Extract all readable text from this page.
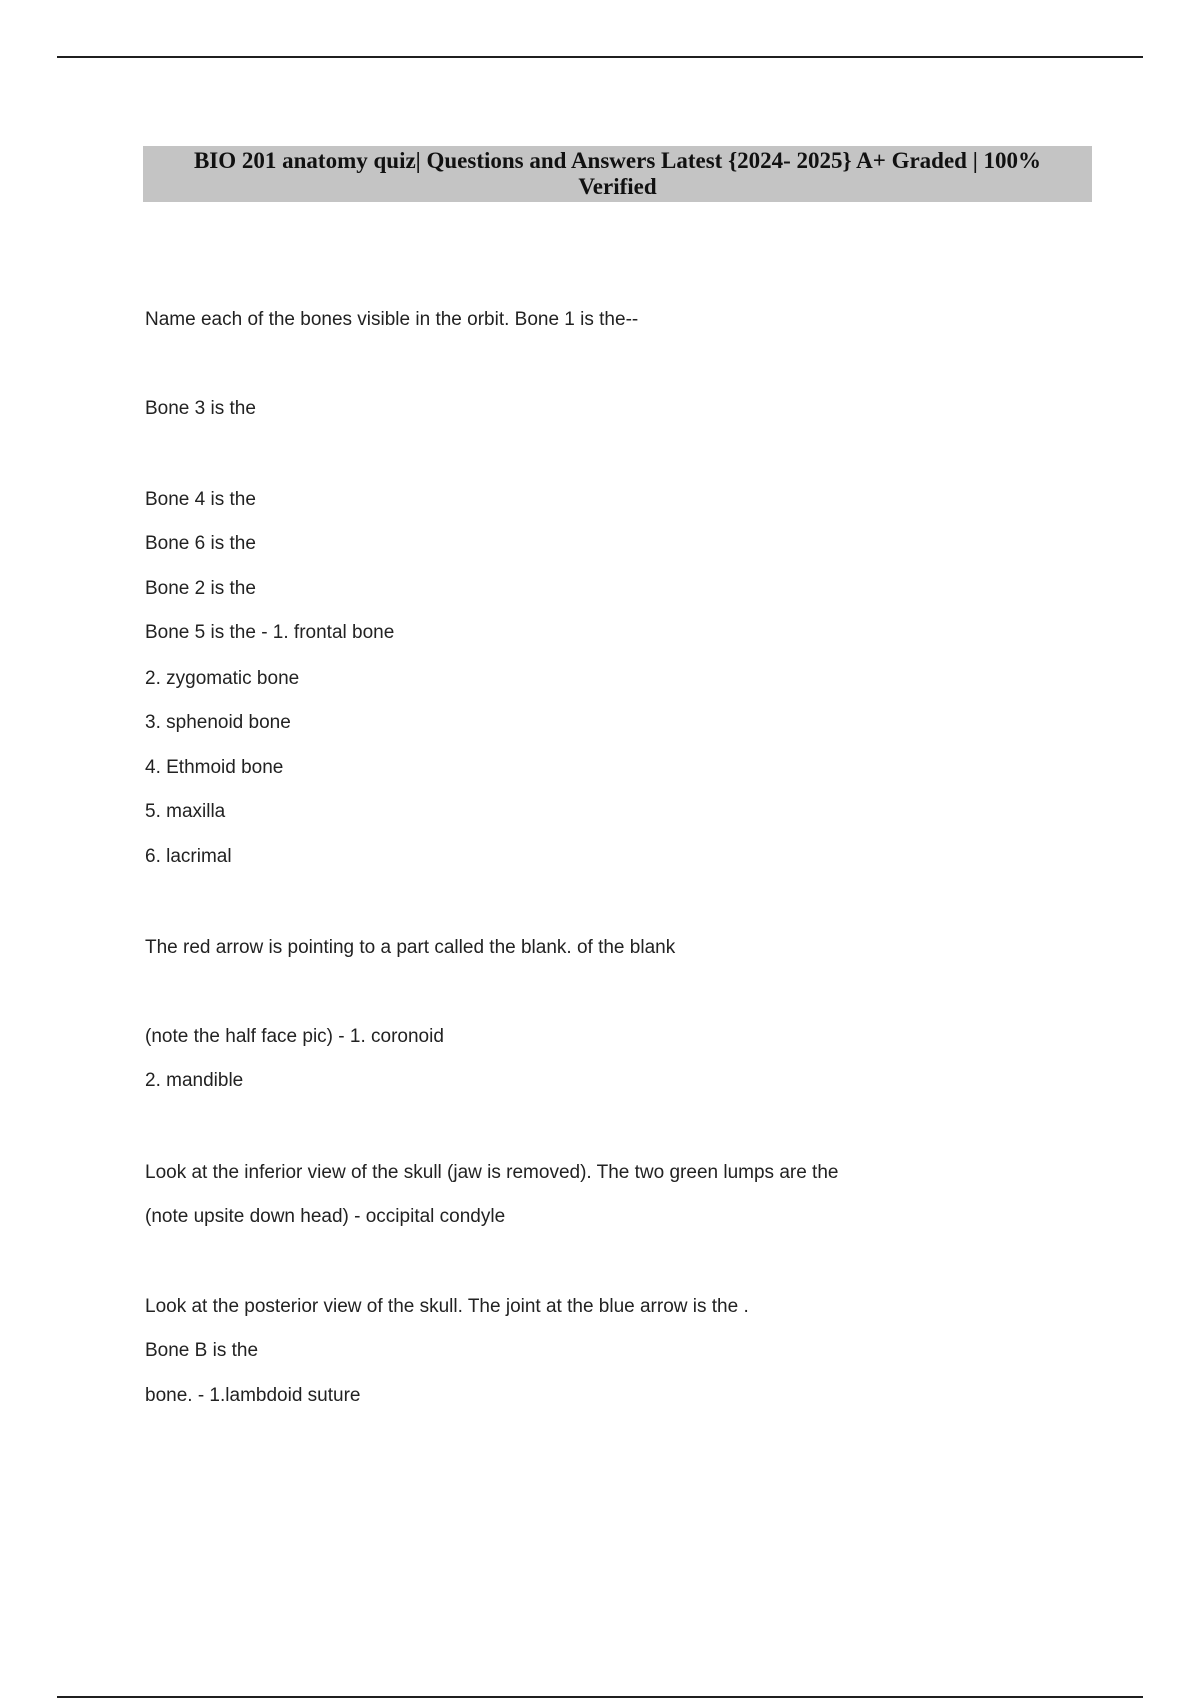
BIO 201 anatomy quiz| Questions and Answers Latest {2024- 2025} A+ Graded | 100%
Verified
Name each of the bones visible in the orbit. Bone 1 is the--
Bone 3 is the
Bone 4 is the
Bone 6 is the
Bone 2 is the
Bone 5 is the - 1. frontal bone
2. zygomatic bone
3. sphenoid bone
4. Ethmoid bone
5. maxilla
6. lacrimal
The red arrow is pointing to a part called the blank. of the blank
(note the half face pic) - 1. coronoid
2. mandible
Look at the inferior view of the skull (jaw is removed). The two green lumps are the
(note upsite down head) - occipital condyle
Look at the posterior view of the skull. The joint at the blue arrow is the .
Bone B is the
bone. - 1.lambdoid suture
